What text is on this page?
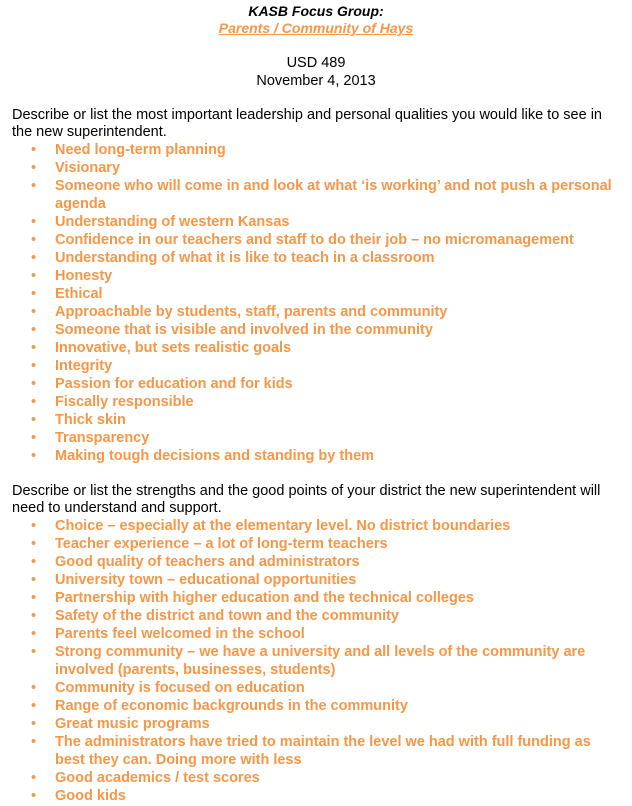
KASB Focus Group:
Parents / Community of Hays
USD 489
November 4, 2013
Describe or list the most important leadership and personal qualities you would like to see in the new superintendent.
• Need long-term planning
• Visionary
• Someone who will come in and look at what ‘is working’ and not push a personal agenda
• Understanding of western Kansas
• Confidence in our teachers and staff to do their job – no micromanagement
• Understanding of what it is like to teach in a classroom
• Honesty
• Ethical
• Approachable by students, staff, parents and community
• Someone that is visible and involved in the community
• Innovative, but sets realistic goals
• Integrity
• Passion for education and for kids
• Fiscally responsible
• Thick skin
• Transparency
• Making tough decisions and standing by them
Describe or list the strengths and the good points of your district the new superintendent will need to understand and support.
• Choice – especially at the elementary level. No district boundaries
• Teacher experience – a lot of long-term teachers
• Good quality of teachers and administrators
• University town – educational opportunities
• Partnership with higher education and the technical colleges
• Safety of the district and town and the community
• Parents feel welcomed in the school
• Strong community – we have a university and all levels of the community are involved (parents, businesses, students)
• Community is focused on education
• Range of economic backgrounds in the community
• Great music programs
• The administrators have tried to maintain the level we had with full funding as best they can. Doing more with less
• Good academics / test scores
• Good kids
